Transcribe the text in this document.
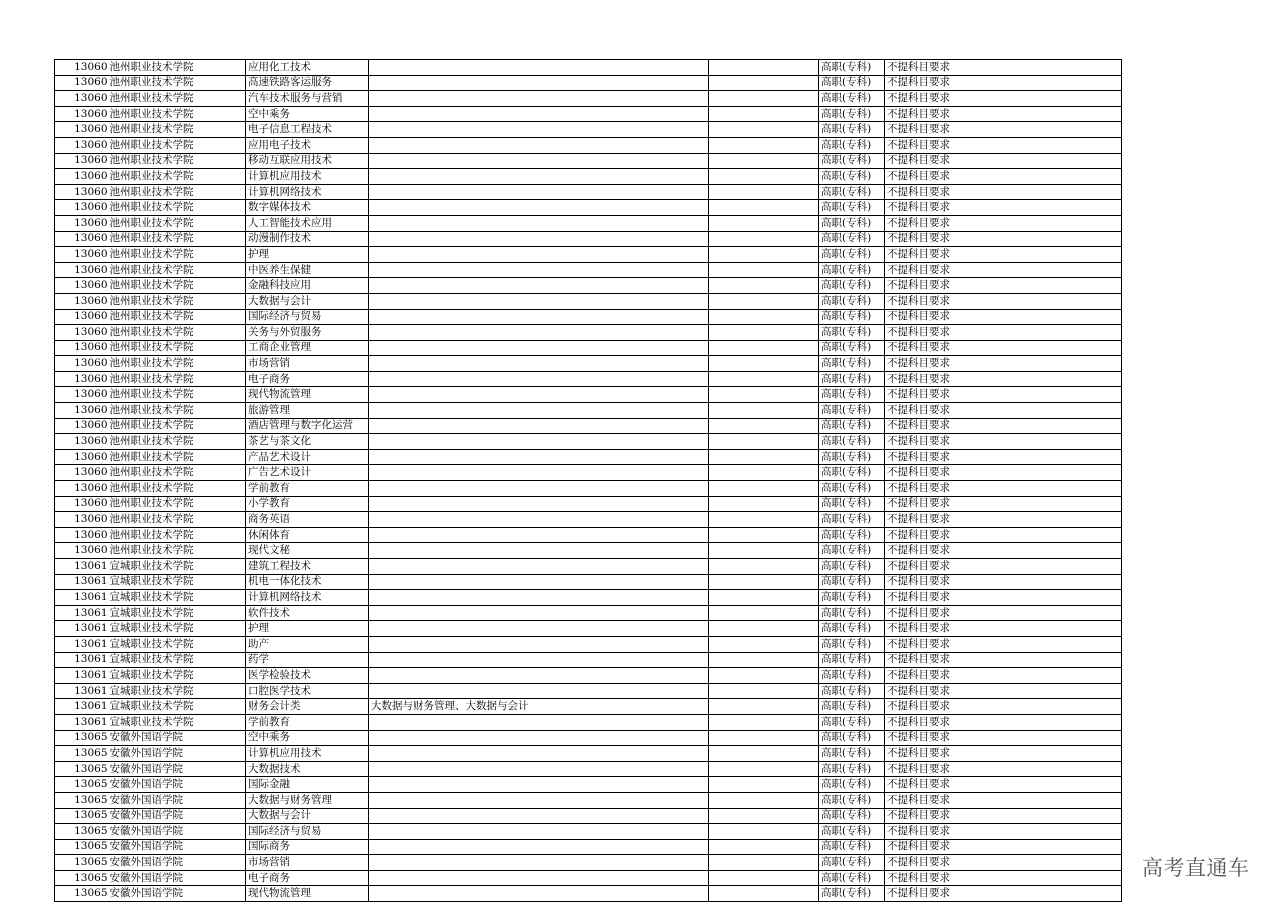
13060	池州职业技术学院	应用化工技术			高职(专科)	不提科目要求
13060	池州职业技术学院	高速铁路客运服务			高职(专科)	不提科目要求
13060	池州职业技术学院	汽车技术服务与营销			高职(专科)	不提科目要求
13060	池州职业技术学院	空中乘务			高职(专科)	不提科目要求
13060	池州职业技术学院	电子信息工程技术			高职(专科)	不提科目要求
13060	池州职业技术学院	应用电子技术			高职(专科)	不提科目要求
13060	池州职业技术学院	移动互联应用技术			高职(专科)	不提科目要求
13060	池州职业技术学院	计算机应用技术			高职(专科)	不提科目要求
13060	池州职业技术学院	计算机网络技术			高职(专科)	不提科目要求
13060	池州职业技术学院	数字媒体技术			高职(专科)	不提科目要求
13060	池州职业技术学院	人工智能技术应用			高职(专科)	不提科目要求
13060	池州职业技术学院	动漫制作技术			高职(专科)	不提科目要求
13060	池州职业技术学院	护理			高职(专科)	不提科目要求
13060	池州职业技术学院	中医养生保健			高职(专科)	不提科目要求
13060	池州职业技术学院	金融科技应用			高职(专科)	不提科目要求
13060	池州职业技术学院	大数据与会计			高职(专科)	不提科目要求
13060	池州职业技术学院	国际经济与贸易			高职(专科)	不提科目要求
13060	池州职业技术学院	关务与外贸服务			高职(专科)	不提科目要求
13060	池州职业技术学院	工商企业管理			高职(专科)	不提科目要求
13060	池州职业技术学院	市场营销			高职(专科)	不提科目要求
13060	池州职业技术学院	电子商务			高职(专科)	不提科目要求
13060	池州职业技术学院	现代物流管理			高职(专科)	不提科目要求
13060	池州职业技术学院	旅游管理			高职(专科)	不提科目要求
13060	池州职业技术学院	酒店管理与数字化运营			高职(专科)	不提科目要求
13060	池州职业技术学院	茶艺与茶文化			高职(专科)	不提科目要求
13060	池州职业技术学院	产品艺术设计			高职(专科)	不提科目要求
13060	池州职业技术学院	广告艺术设计			高职(专科)	不提科目要求
13060	池州职业技术学院	学前教育			高职(专科)	不提科目要求
13060	池州职业技术学院	小学教育			高职(专科)	不提科目要求
13060	池州职业技术学院	商务英语			高职(专科)	不提科目要求
13060	池州职业技术学院	休闲体育			高职(专科)	不提科目要求
13060	池州职业技术学院	现代文秘			高职(专科)	不提科目要求
13061	宣城职业技术学院	建筑工程技术			高职(专科)	不提科目要求
13061	宣城职业技术学院	机电一体化技术			高职(专科)	不提科目要求
13061	宣城职业技术学院	计算机网络技术			高职(专科)	不提科目要求
13061	宣城职业技术学院	软件技术			高职(专科)	不提科目要求
13061	宣城职业技术学院	护理			高职(专科)	不提科目要求
13061	宣城职业技术学院	助产			高职(专科)	不提科目要求
13061	宣城职业技术学院	药学			高职(专科)	不提科目要求
13061	宣城职业技术学院	医学检验技术			高职(专科)	不提科目要求
13061	宣城职业技术学院	口腔医学技术			高职(专科)	不提科目要求
13061	宣城职业技术学院	财务会计类	大数据与财务管理、大数据与会计		高职(专科)	不提科目要求
13061	宣城职业技术学院	学前教育			高职(专科)	不提科目要求
13065	安徽外国语学院	空中乘务			高职(专科)	不提科目要求
13065	安徽外国语学院	计算机应用技术			高职(专科)	不提科目要求
13065	安徽外国语学院	大数据技术			高职(专科)	不提科目要求
13065	安徽外国语学院	国际金融			高职(专科)	不提科目要求
13065	安徽外国语学院	大数据与财务管理			高职(专科)	不提科目要求
13065	安徽外国语学院	大数据与会计			高职(专科)	不提科目要求
13065	安徽外国语学院	国际经济与贸易			高职(专科)	不提科目要求
13065	安徽外国语学院	国际商务			高职(专科)	不提科目要求
13065	安徽外国语学院	市场营销			高职(专科)	不提科目要求
13065	安徽外国语学院	电子商务			高职(专科)	不提科目要求
13065	安徽外国语学院	现代物流管理			高职(专科)	不提科目要求
高考直通车
